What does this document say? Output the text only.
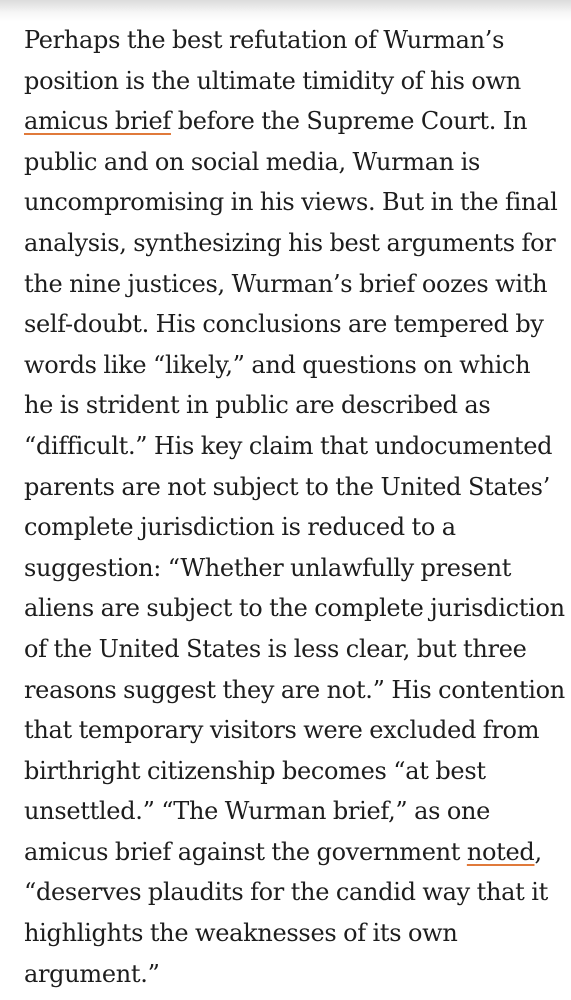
Perhaps the best refutation of Wurman’s
position is the ultimate timidity of his own
amicus brief before the Supreme Court. In
public and on social media, Wurman is
uncompromising in his views. But in the final
analysis, synthesizing his best arguments for
the nine justices, Wurman’s brief oozes with
self-doubt. His conclusions are tempered by
words like “likely,” and questions on which
he is strident in public are described as
“difficult.” His key claim that undocumented
parents are not subject to the United States’
complete jurisdiction is reduced to a
suggestion: “Whether unlawfully present
aliens are subject to the complete jurisdiction
of the United States is less clear, but three
reasons suggest they are not.” His contention
that temporary visitors were excluded from
birthright citizenship becomes “at best
unsettled.” “The Wurman brief,” as one
amicus brief against the government noted,
“deserves plaudits for the candid way that it
highlights the weaknesses of its own
argument.”
